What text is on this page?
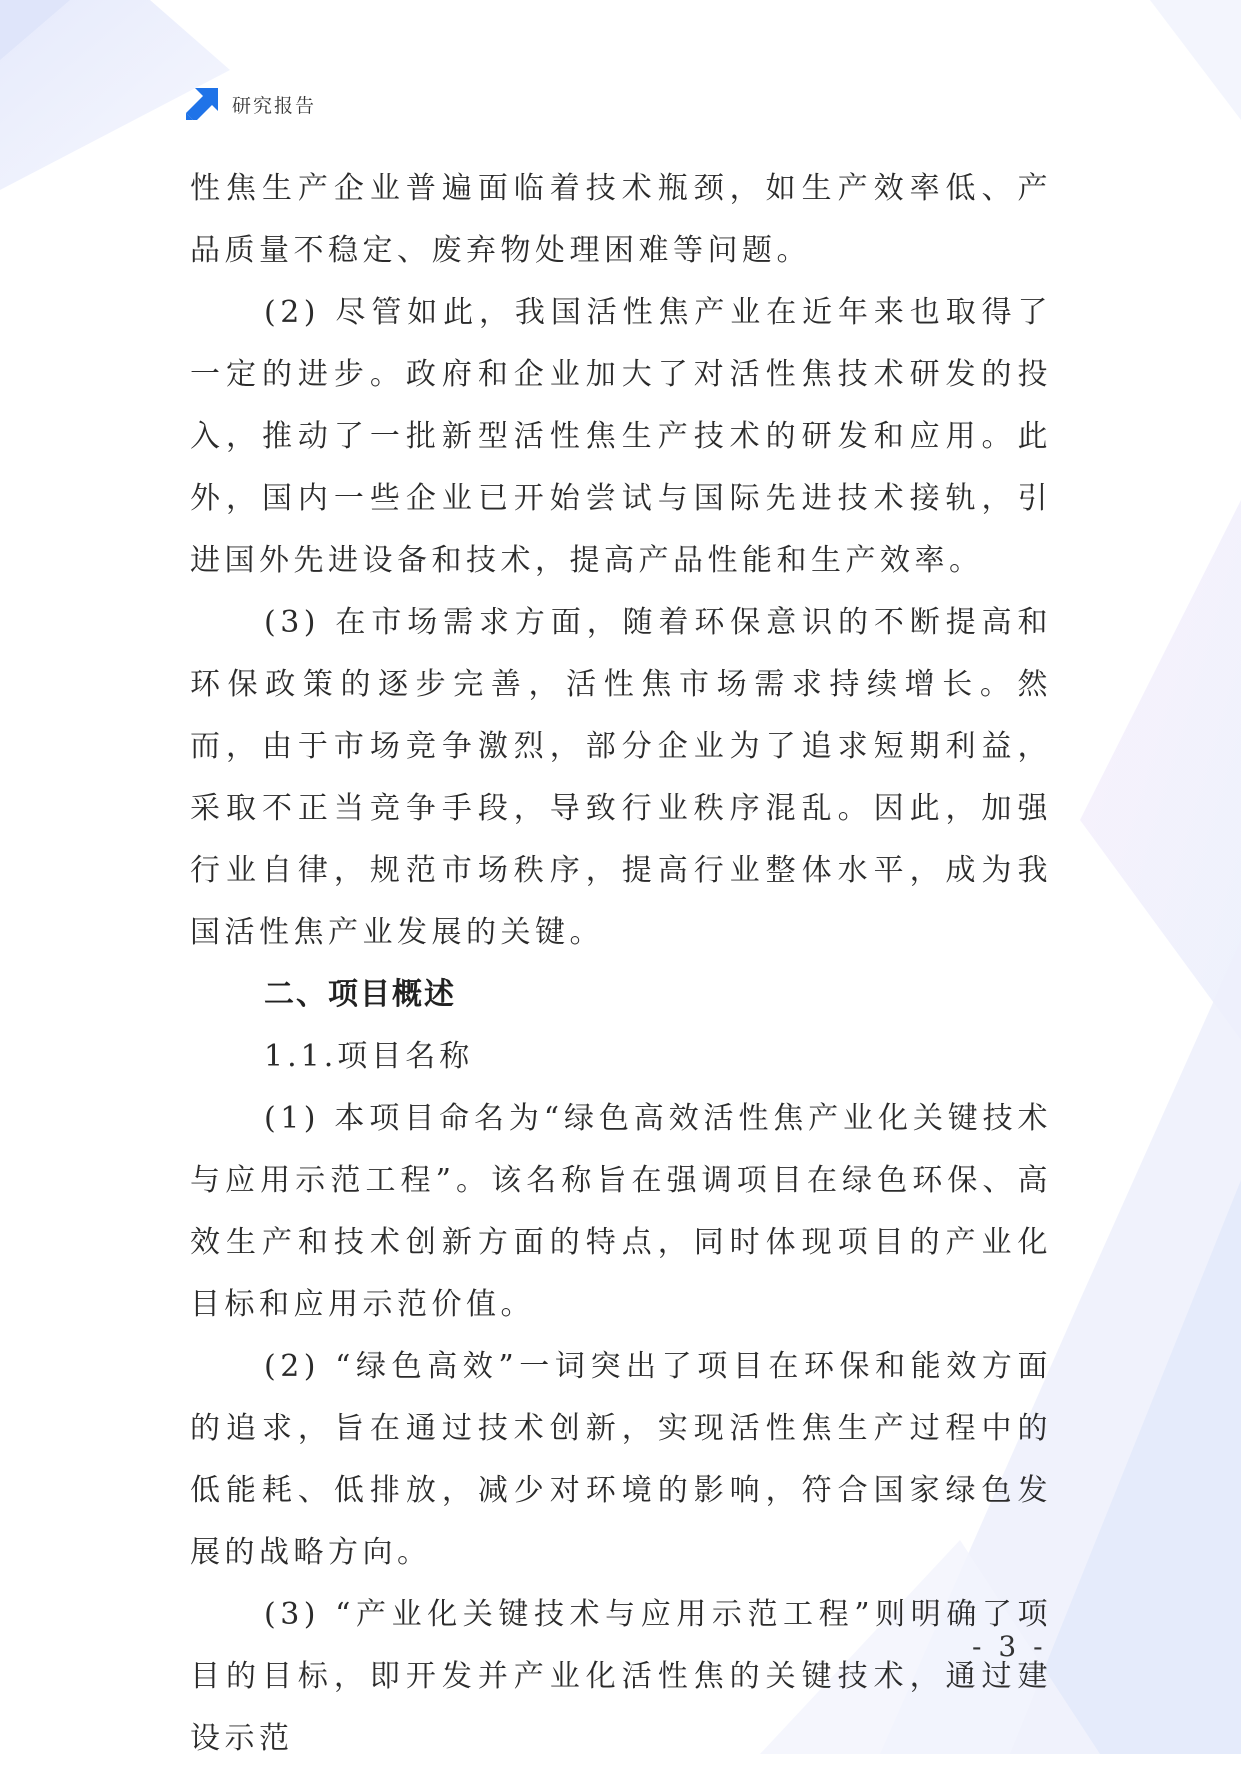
研究报告

性焦生产企业普遍面临着技术瓶颈，如生产效率低、产品质量不稳定、废弃物处理困难等问题。

(2) 尽管如此，我国活性焦产业在近年来也取得了一定的进步。政府和企业加大了对活性焦技术研发的投入，推动了一批新型活性焦生产技术的研发和应用。此外，国内一些企业已开始尝试与国际先进技术接轨，引进国外先进设备和技术，提高产品性能和生产效率。

(3) 在市场需求方面，随着环保意识的不断提高和环保政策的逐步完善，活性焦市场需求持续增长。然而，由于市场竞争激烈，部分企业为了追求短期利益，采取不正当竞争手段，导致行业秩序混乱。因此，加强行业自律，规范市场秩序，提高行业整体水平，成为我国活性焦产业发展的关键。

二、项目概述
1.1.项目名称

(1) 本项目命名为“绿色高效活性焦产业化关键技术与应用示范工程”。该名称旨在强调项目在绿色环保、高效生产和技术创新方面的特点，同时体现项目的产业化目标和应用示范价值。

(2) “绿色高效”一词突出了项目在环保和能效方面的追求，旨在通过技术创新，实现活性焦生产过程中的低能耗、低排放，减少对环境的影响，符合国家绿色发展的战略方向。

(3) “产业化关键技术与应用示范工程”则明确了项目的目标，即开发并产业化活性焦的关键技术，通过建设示范

- 3 -
